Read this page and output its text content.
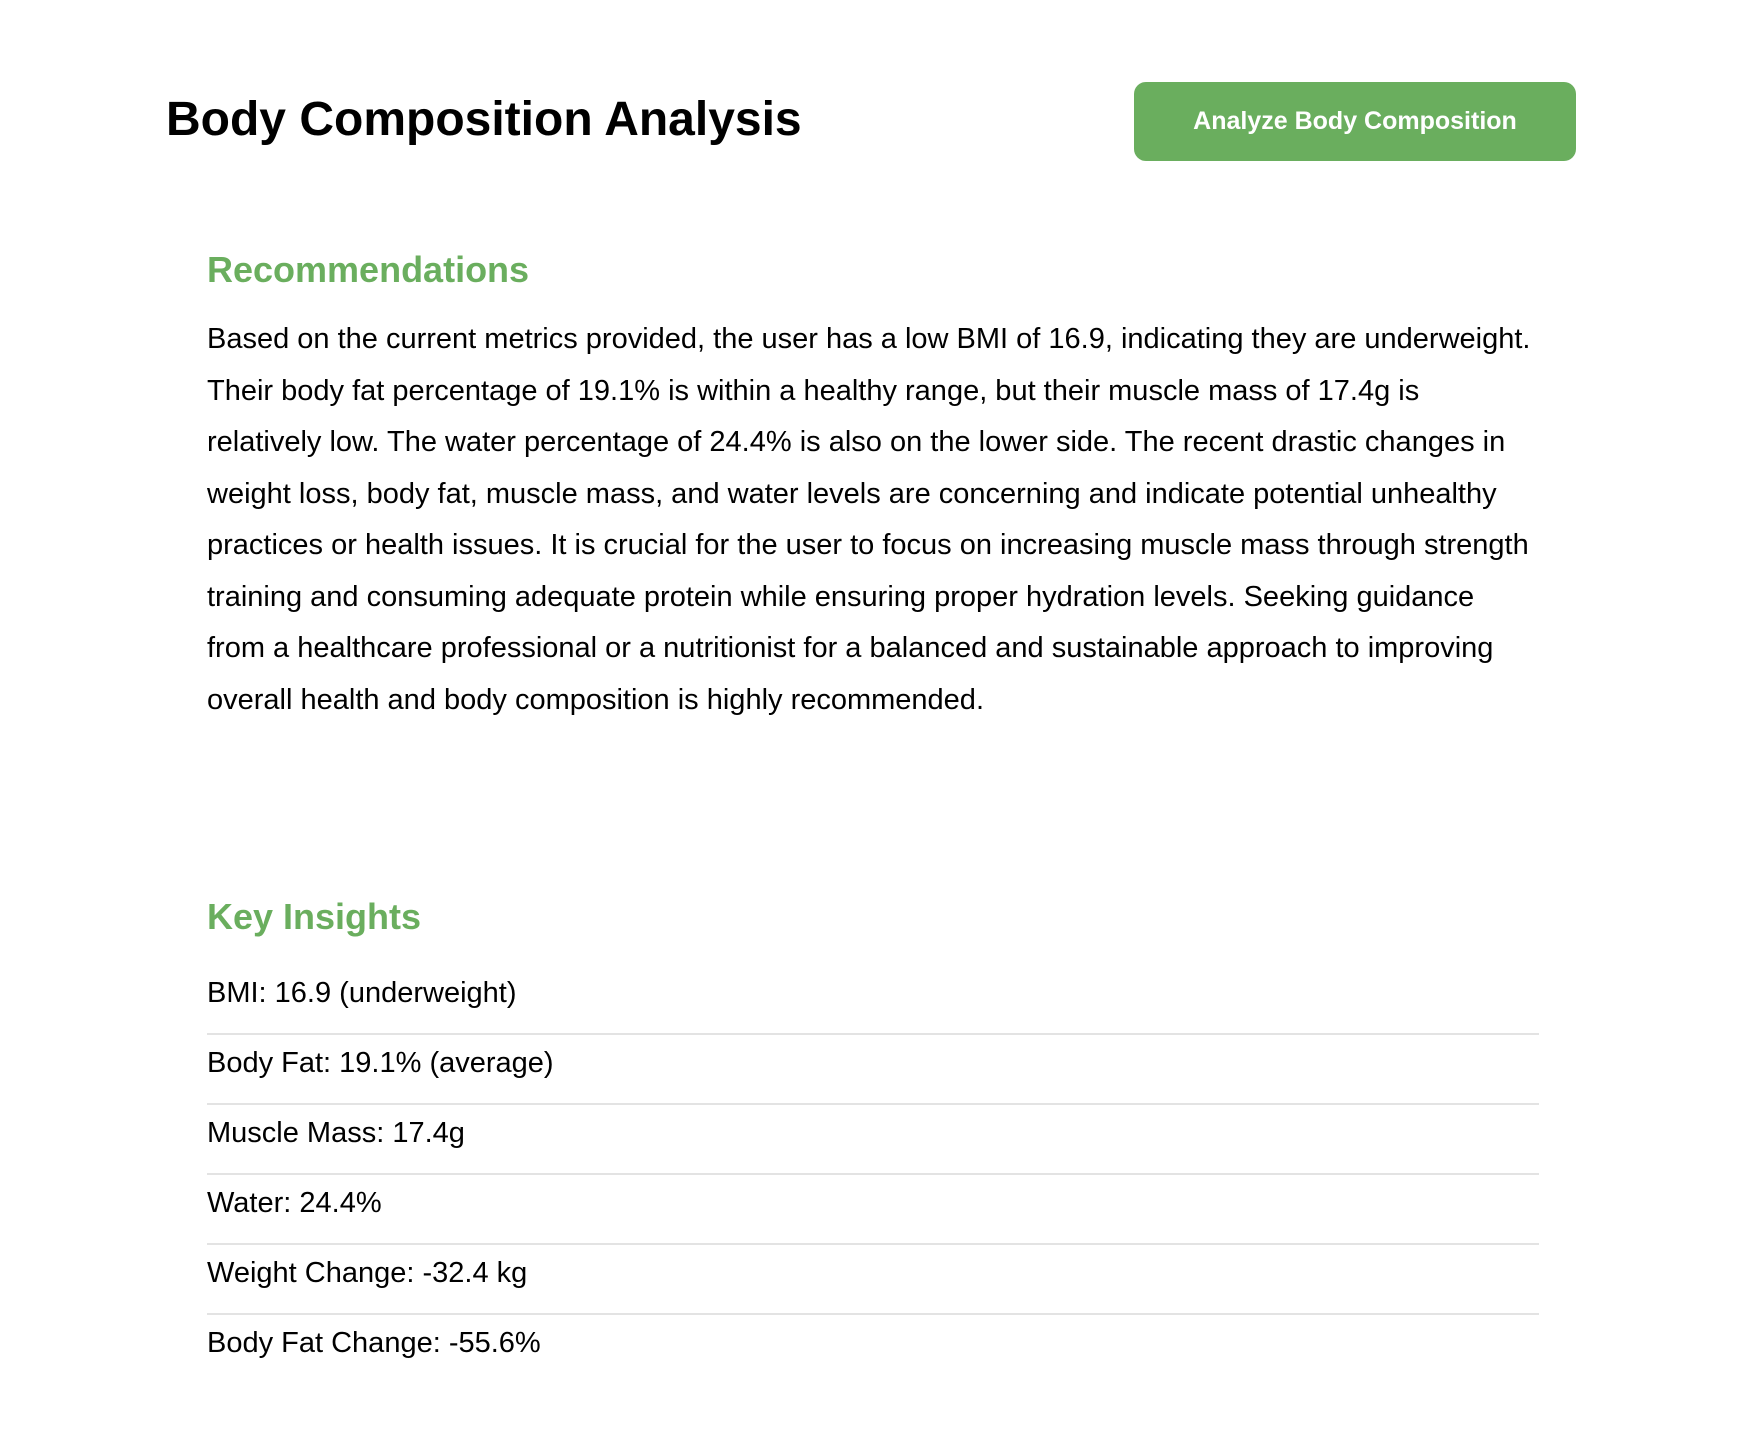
Body Composition Analysis	Analyze Body Composition
Recommendations

Based on the current metrics provided, the user has a low BMI of 16.9, indicating they are underweight. Their body fat percentage of 19.1% is within a healthy range, but their muscle mass of 17.4g is relatively low. The water percentage of 24.4% is also on the lower side. The recent drastic changes in weight loss, body fat, muscle mass, and water levels are concerning and indicate potential unhealthy practices or health issues. It is crucial for the user to focus on increasing muscle mass through strength training and consuming adequate protein while ensuring proper hydration levels. Seeking guidance from a healthcare professional or a nutritionist for a balanced and sustainable approach to improving overall health and body composition is highly recommended.

Key Insights
BMI: 16.9 (underweight)
Body Fat: 19.1% (average)
Muscle Mass: 17.4g
Water: 24.4%
Weight Change: -32.4 kg
Body Fat Change: -55.6%
